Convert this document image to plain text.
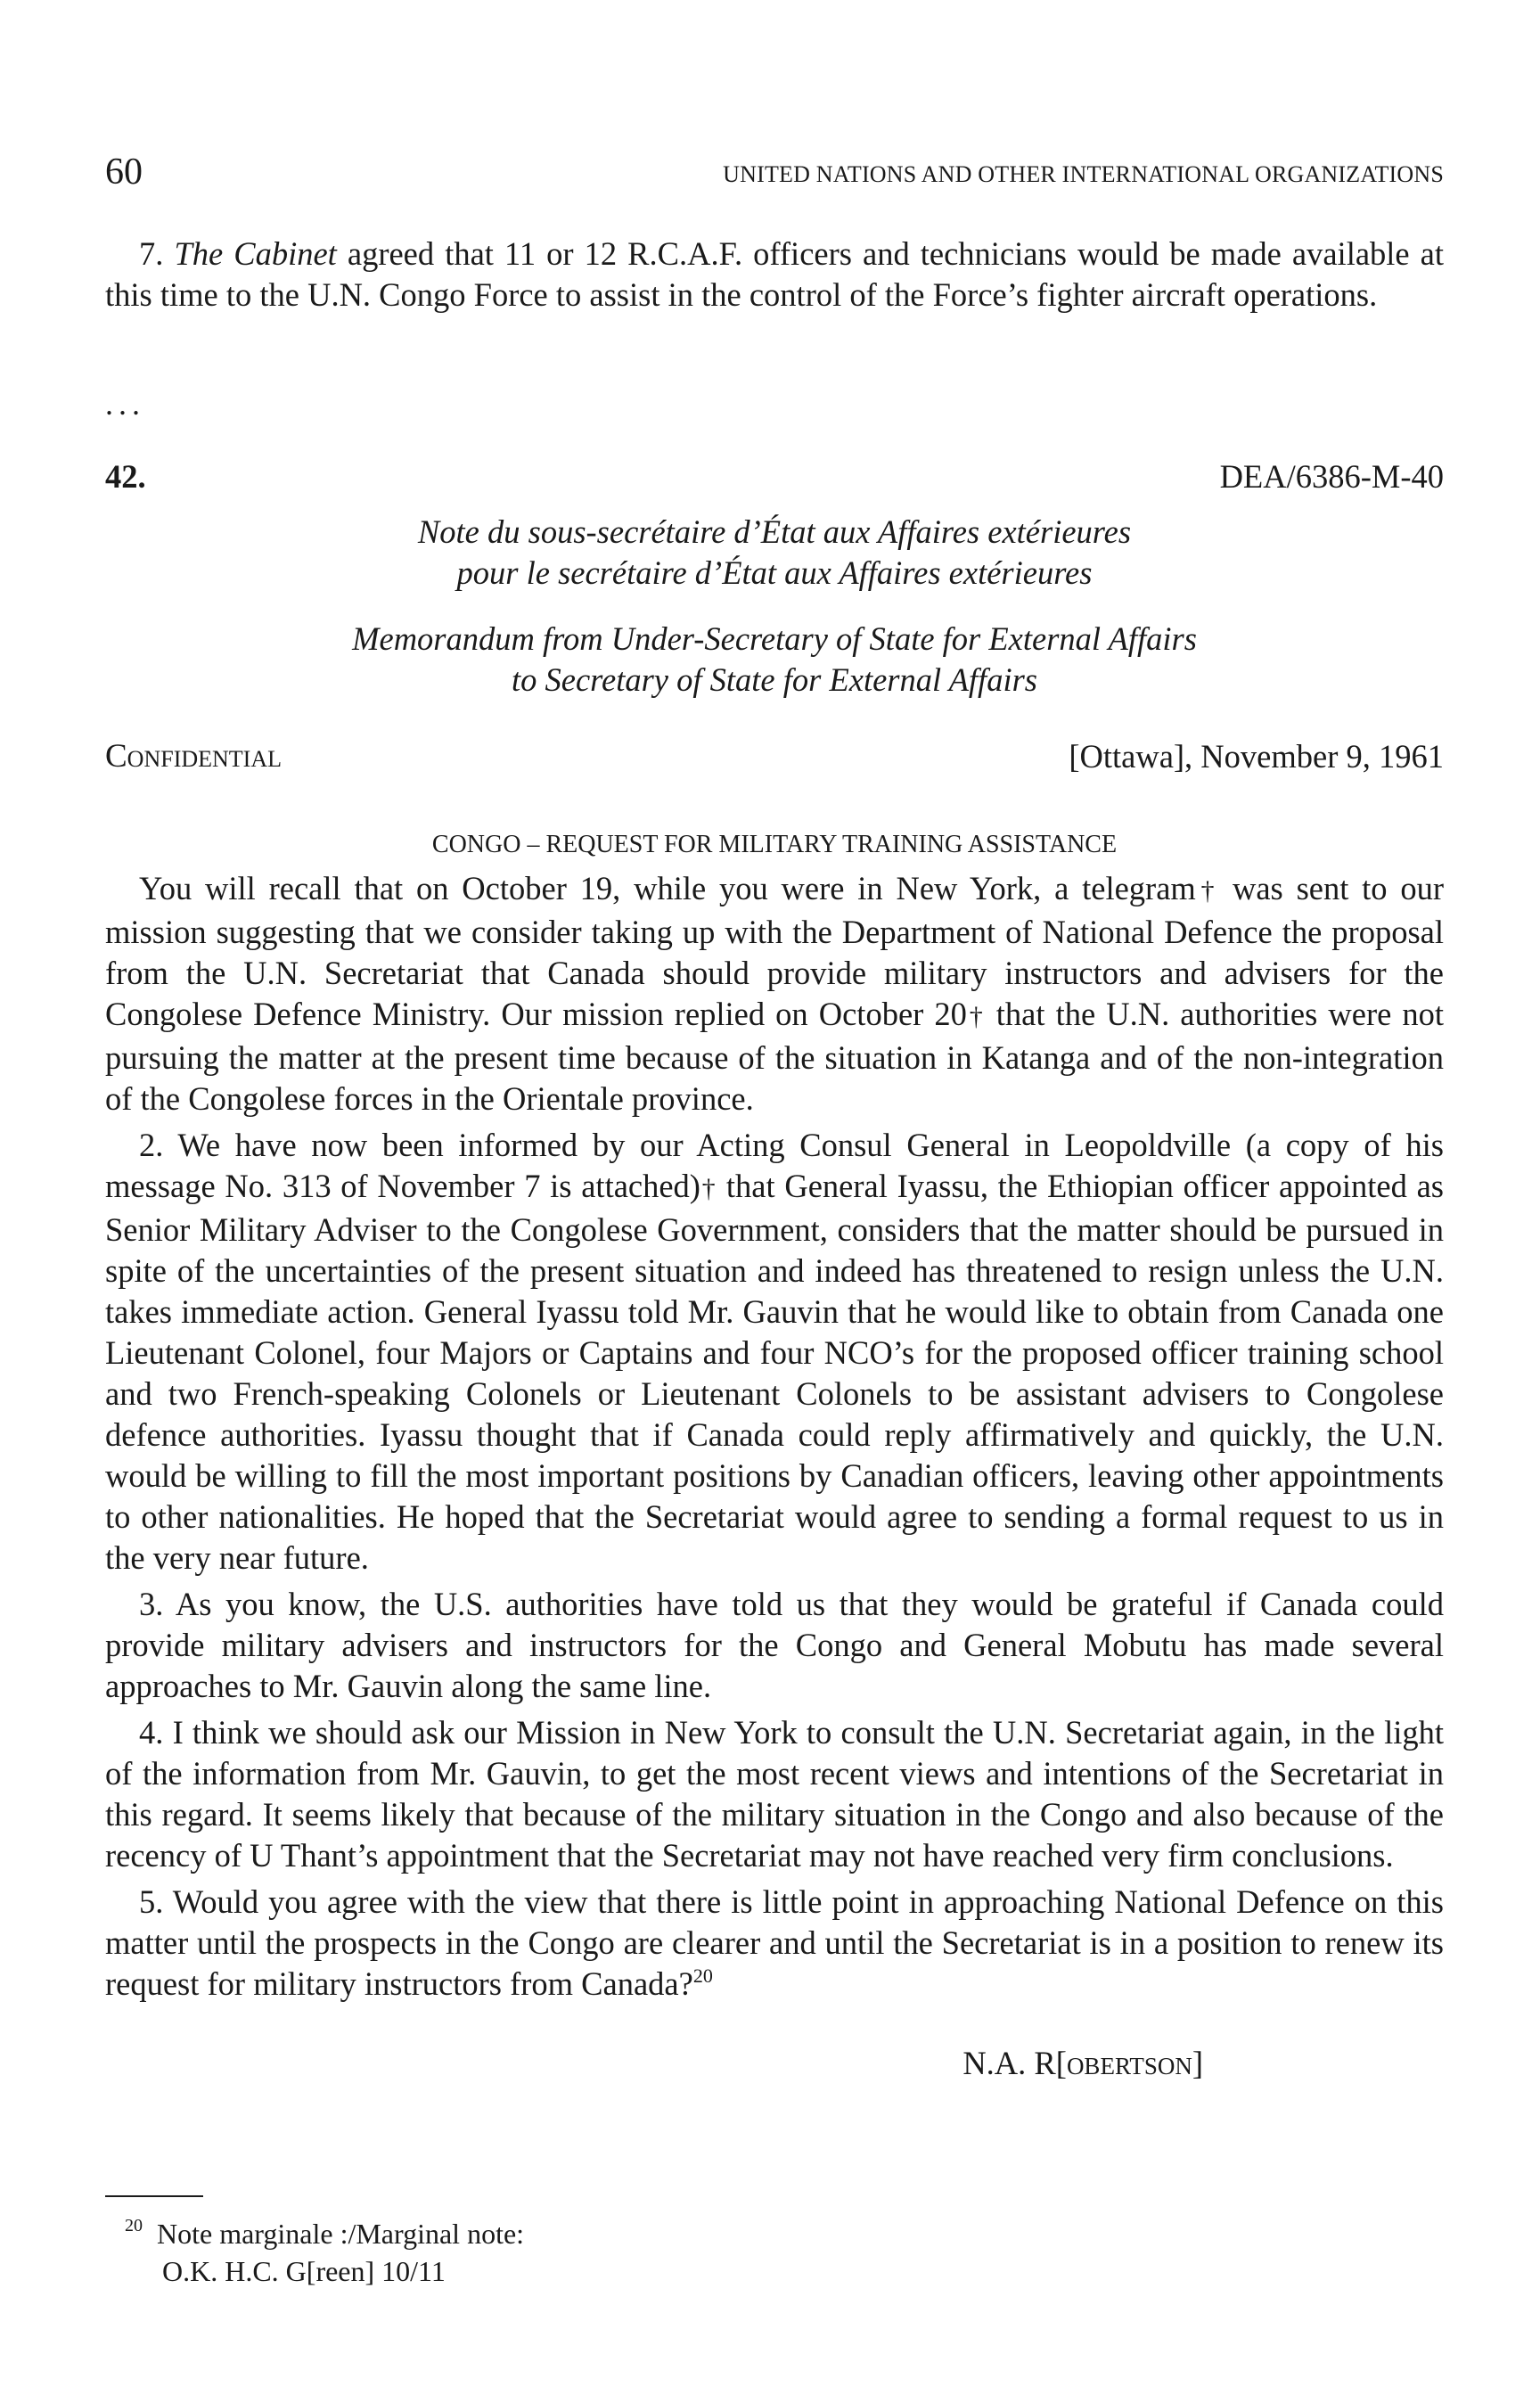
60	UNITED NATIONS AND OTHER INTERNATIONAL ORGANIZATIONS

7. The Cabinet agreed that 11 or 12 R.C.A.F. officers and technicians would be made available at this time to the U.N. Congo Force to assist in the control of the Force’s fighter aircraft operations.

...
42.	DEA/6386-M-40
Note du sous-secrétaire d’État aux Affaires extérieures
pour le secrétaire d’État aux Affaires extérieures
Memorandum from Under-Secretary of State for External Affairs
to Secretary of State for External Affairs
Confidential	[Ottawa], November 9, 1961
CONGO – REQUEST FOR MILITARY TRAINING ASSISTANCE

You will recall that on October 19, while you were in New York, a telegram† was sent to our mission suggesting that we consider taking up with the Department of National Defence the proposal from the U.N. Secretariat that Canada should provide military instructors and advisers for the Congolese Defence Ministry. Our mission replied on October 20† that the U.N. authorities were not pursuing the matter at the present time because of the situation in Katanga and of the non-integration of the Congolese forces in the Orientale province.

2. We have now been informed by our Acting Consul General in Leopoldville (a copy of his message No. 313 of November 7 is attached)† that General Iyassu, the Ethiopian officer appointed as Senior Military Adviser to the Congolese Government, considers that the matter should be pursued in spite of the uncertainties of the present situation and indeed has threatened to resign unless the U.N. takes immediate action. General Iyassu told Mr. Gauvin that he would like to obtain from Canada one Lieutenant Colonel, four Majors or Captains and four NCO’s for the proposed officer training school and two French-speaking Colonels or Lieutenant Colonels to be assistant advisers to Congolese defence authorities. Iyassu thought that if Canada could reply affirmatively and quickly, the U.N. would be willing to fill the most important positions by Canadian officers, leaving other appointments to other nationalities. He hoped that the Secretariat would agree to sending a formal request to us in the very near future.

3. As you know, the U.S. authorities have told us that they would be grateful if Canada could provide military advisers and instructors for the Congo and General Mobutu has made several approaches to Mr. Gauvin along the same line.

4. I think we should ask our Mission in New York to consult the U.N. Secretariat again, in the light of the information from Mr. Gauvin, to get the most recent views and intentions of the Secretariat in this regard. It seems likely that because of the military situation in the Congo and also because of the recency of U Thant’s appointment that the Secretariat may not have reached very firm conclusions.

5. Would you agree with the view that there is little point in approaching National Defence on this matter until the prospects in the Congo are clearer and until the Secretariat is in a position to renew its request for military instructors from Canada?$^{20}$

N.A. R[OBERTSON]
$^{20}$ Note marginale :/Marginal note:
O.K. H.C. G[reen] 10/11
